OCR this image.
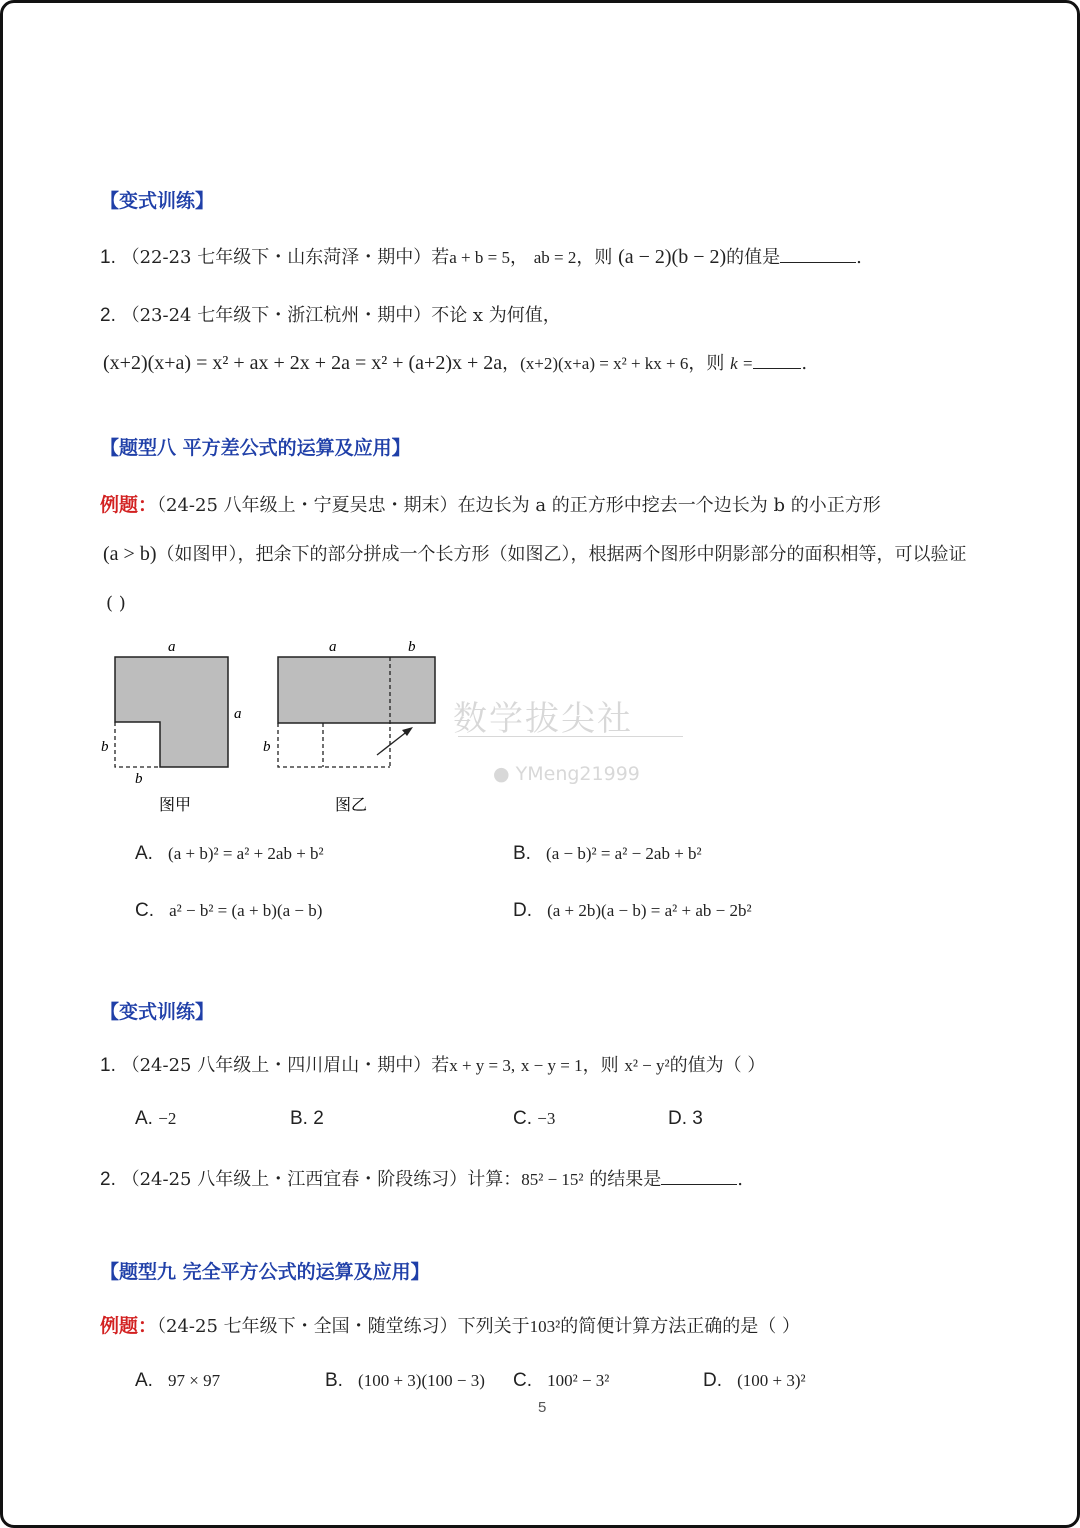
【变式训练】
1. （22-23 七年级下・山东菏泽・期中）若a + b = 5， ab = 2，则 (a − 2)(b − 2)的值是	.
2. （23-24 七年级下・浙江杭州・期中）不论 x 为何值，
(x+2)(x+a) = x² + ax + 2x + 2a = x² + (a+2)x + 2a，(x+2)(x+a) = x² + kx + 6，则 k =	.
【题型八 平方差公式的运算及应用】
例题：（24-25 八年级上・宁夏吴忠・期末）在边长为 a 的正方形中挖去一个边长为 b 的小正方形
(a > b)（如图甲），把余下的部分拼成一个长方形（如图乙），根据两个图形中阴影部分的面积相等，可以验证
( )
a
a
b
b
图甲
a	b
b
图乙
数学拔尖社
● YMeng21999
A. (a + b)² = a² + 2ab + b²	B. (a − b)² = a² − 2ab + b²
C. a² − b² = (a + b)(a − b)	D. (a + 2b)(a − b) = a² + ab − 2b²
【变式训练】
1. （24-25 八年级上・四川眉山・期中）若x + y = 3, x − y = 1，则 x² − y²的值为（ ）
A. −2	B. 2	C. −3	D. 3
2. （24-25 八年级上・江西宜春・阶段练习）计算：85² − 15² 的结果是	.
【题型九 完全平方公式的运算及应用】
例题：（24-25 七年级下・全国・随堂练习）下列关于103²的简便计算方法正确的是（ ）
A. 97 × 97	B. (100 + 3)(100 − 3) C. 100² − 3²	D. (100 + 3)²
5
